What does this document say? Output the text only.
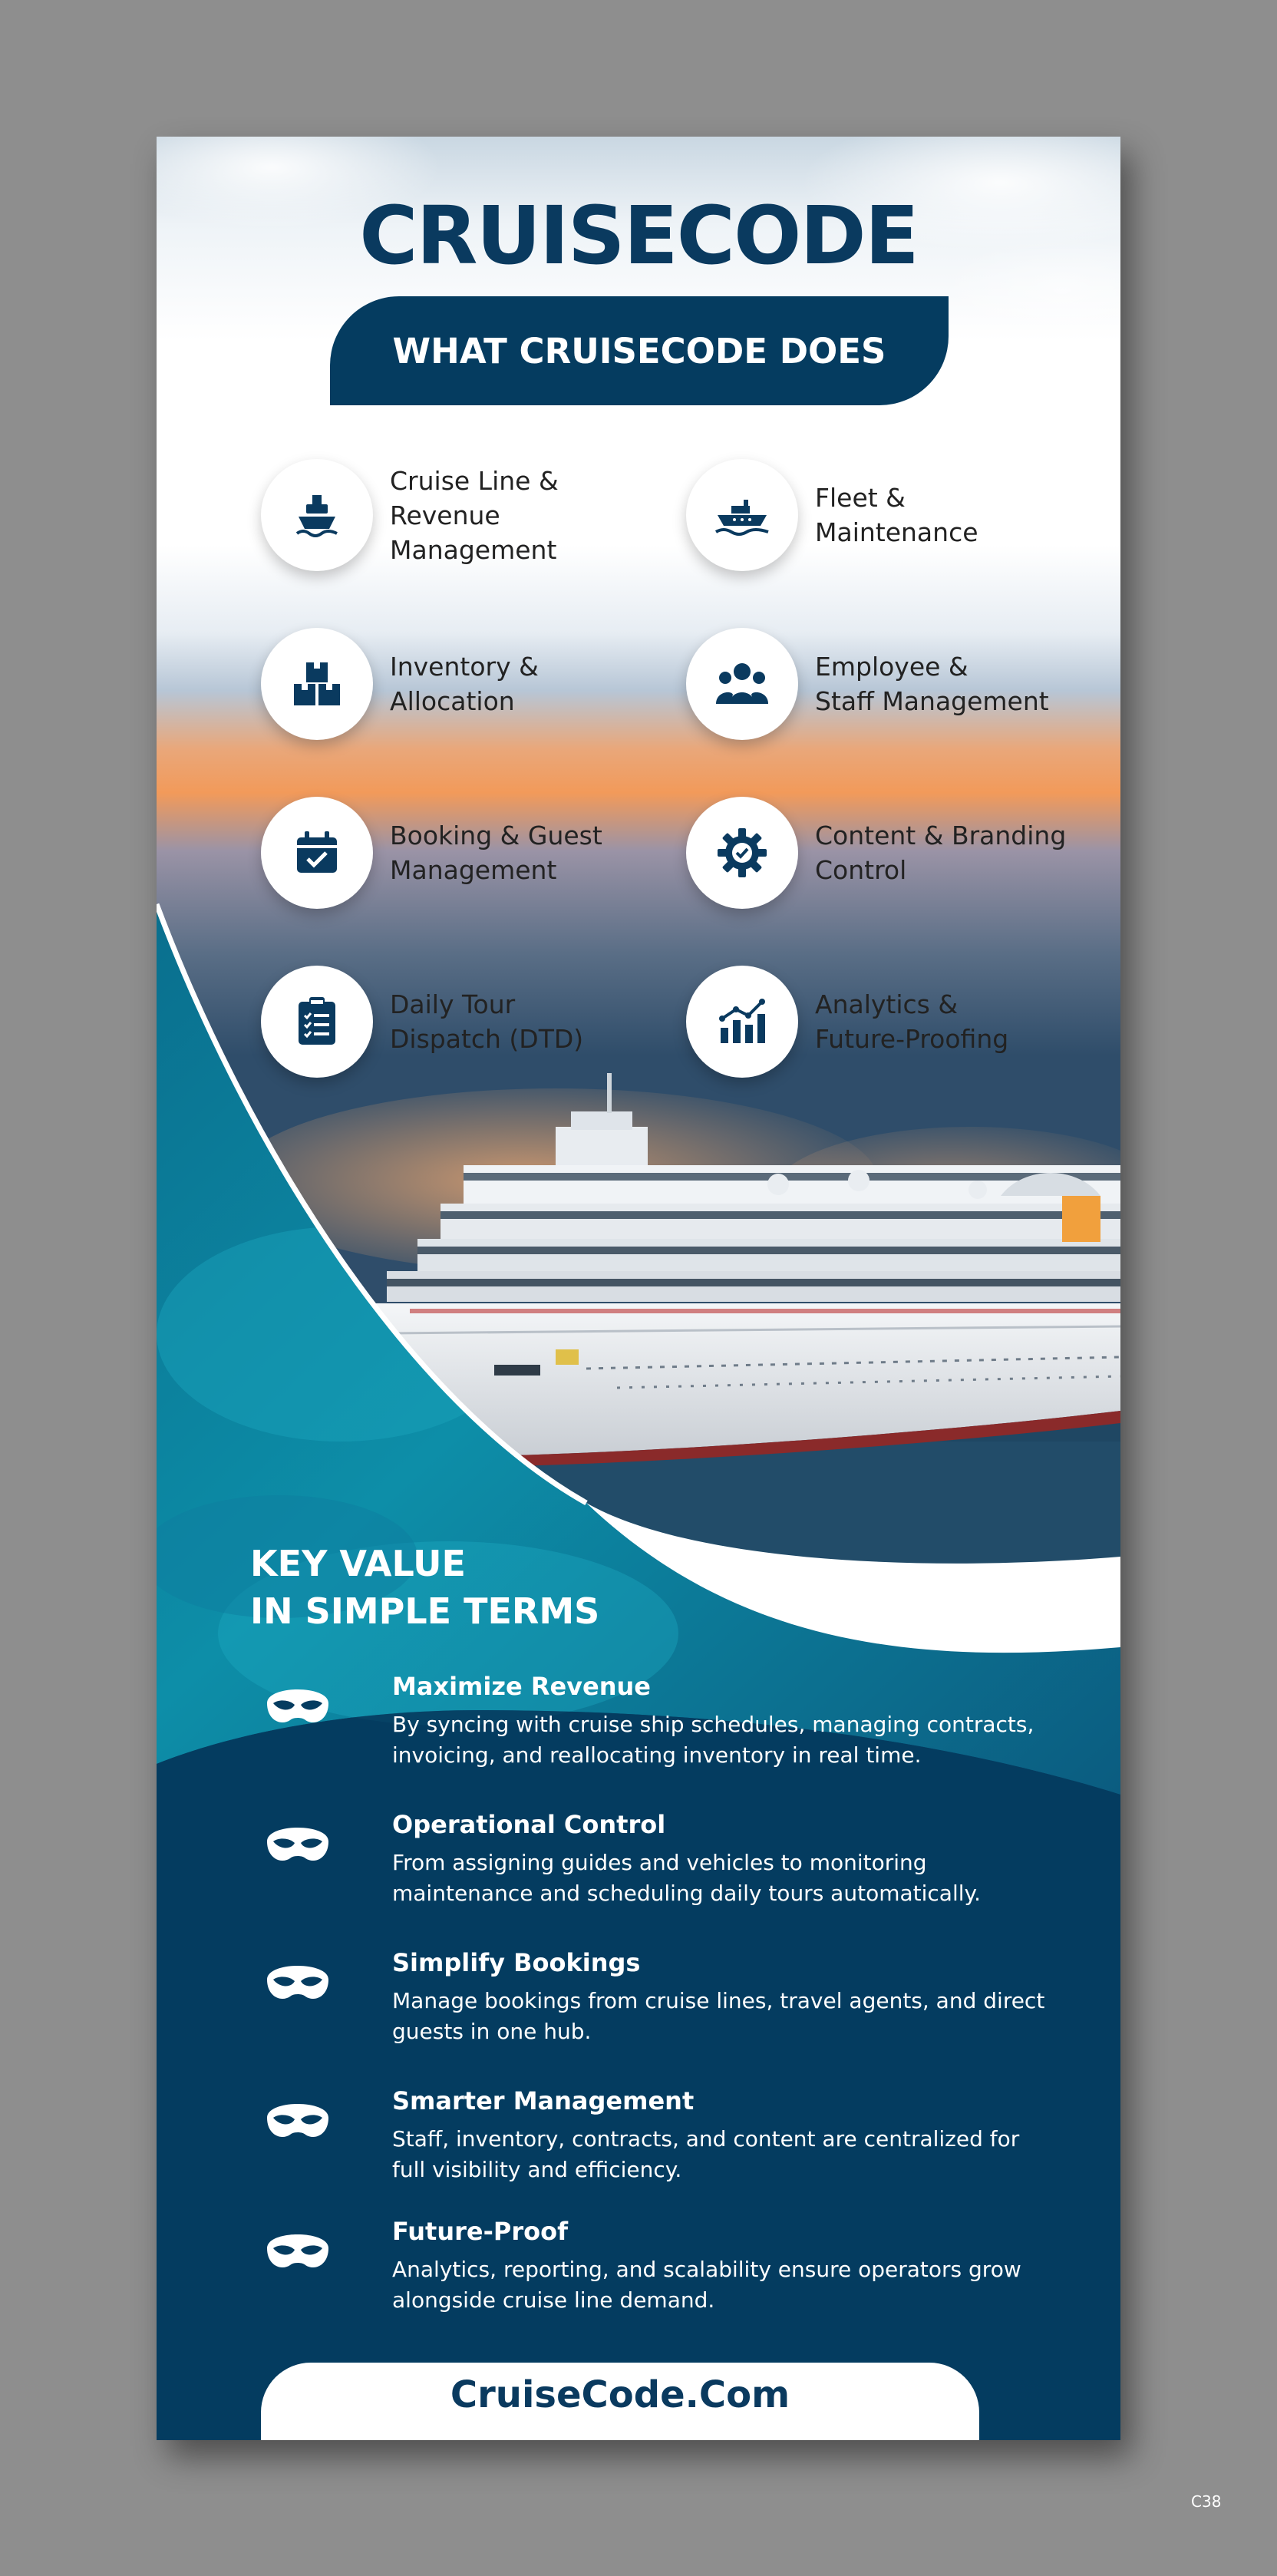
CRUISECODE
WHAT CRUISECODE DOES
Cruise Line &
Revenue
Management
Fleet &
Maintenance
Inventory &
Allocation
Employee &
Staff Management
Booking & Guest
Management
Content & Branding
Control
Daily Tour
Dispatch (DTD)
Analytics &
Future-Proofing
KEY VALUE
IN SIMPLE TERMS
Maximize Revenue
By syncing with cruise ship schedules, managing contracts, invoicing, and reallocating inventory in real time.
Operational Control
From assigning guides and vehicles to monitoring maintenance and scheduling daily tours automatically.
Simplify Bookings
Manage bookings from cruise lines, travel agents, and direct guests in one hub.
Smarter Management
Staff, inventory, contracts, and content are centralized for full visibility and efficiency.
Future-Proof
Analytics, reporting, and scalability ensure operators grow alongside cruise line demand.
CruiseCode.Com
C38
